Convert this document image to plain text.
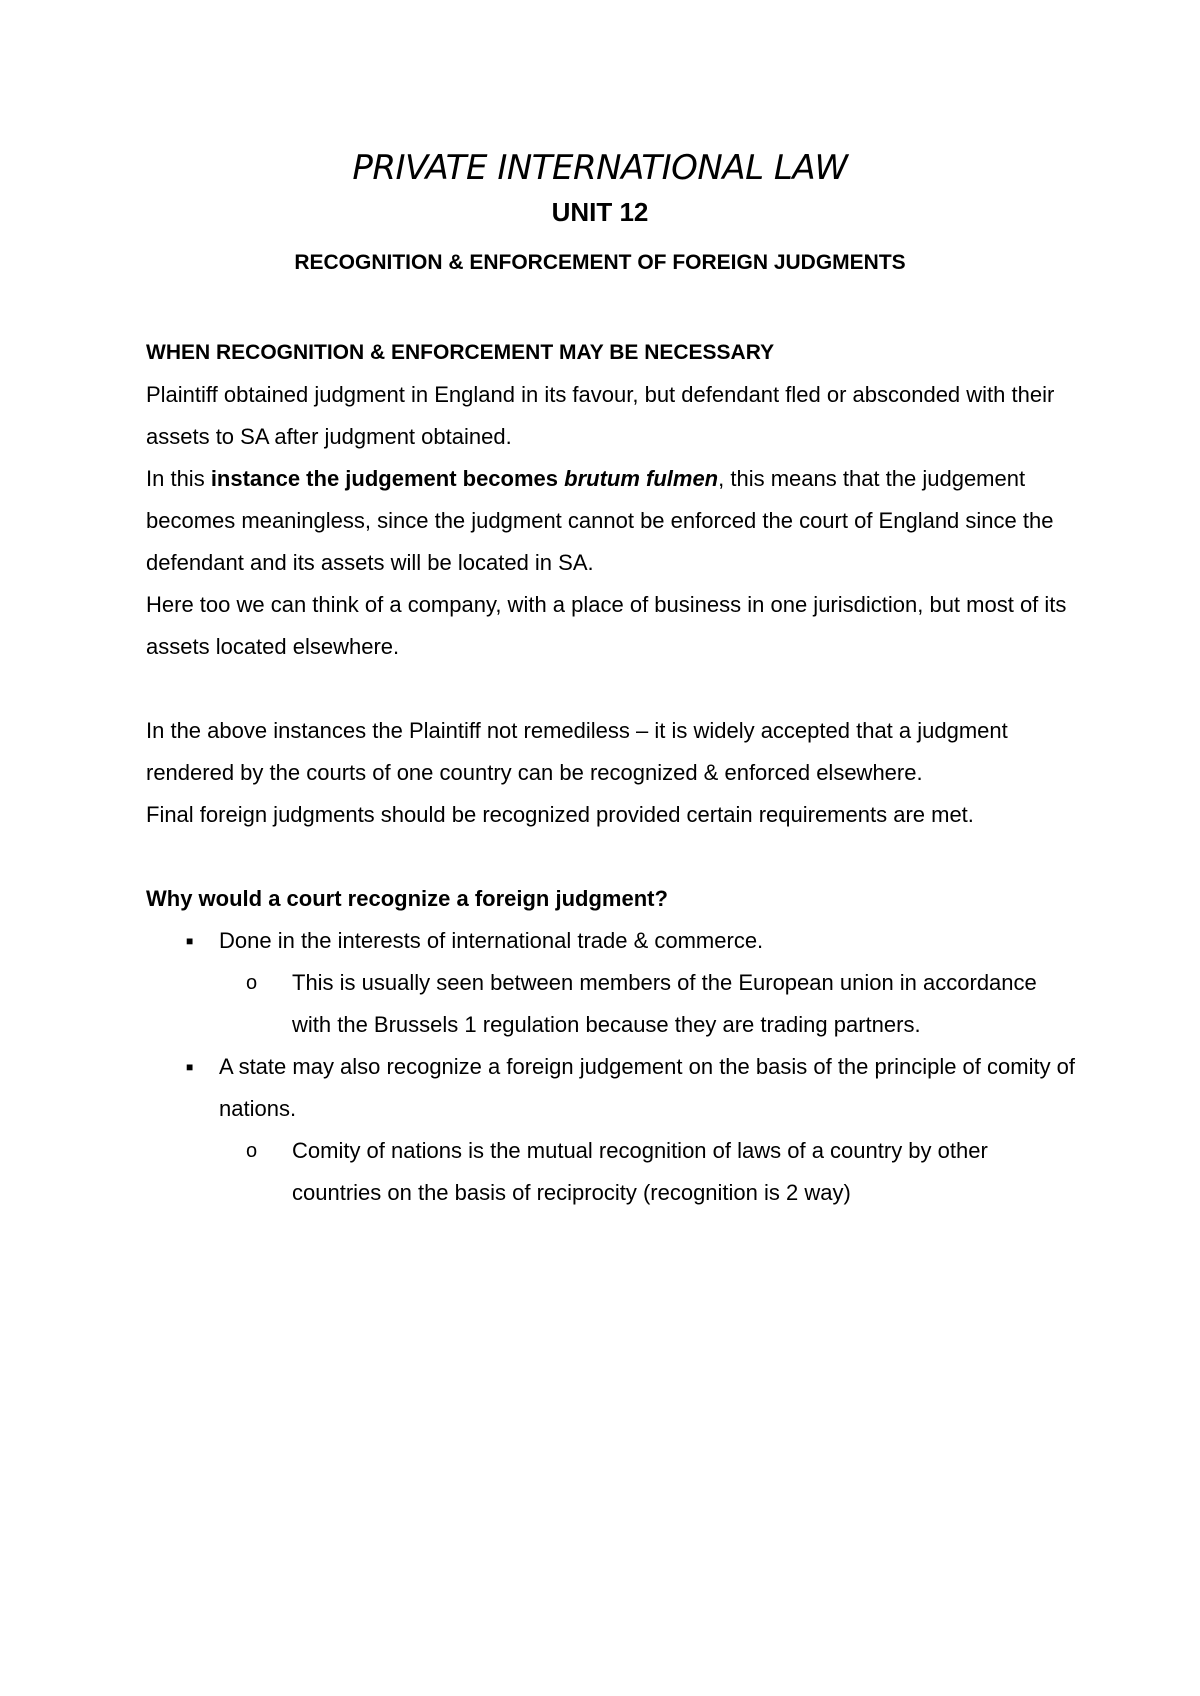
PRIVATE INTERNATIONAL LAW
UNIT 12
RECOGNITION & ENFORCEMENT OF FOREIGN JUDGMENTS

WHEN RECOGNITION & ENFORCEMENT MAY BE NECESSARY

Plaintiff obtained judgment in England in its favour, but defendant fled or absconded with their assets to SA after judgment obtained.

In this instance the judgement becomes brutum fulmen, this means that the judgement becomes meaningless, since the judgment cannot be enforced the court of England since the defendant and its assets will be located in SA.

Here too we can think of a company, with a place of business in one jurisdiction, but most of its assets located elsewhere.

In the above instances the Plaintiff not remediless – it is widely accepted that a judgment rendered by the courts of one country can be recognized & enforced elsewhere.

Final foreign judgments should be recognized provided certain requirements are met.

Why would a court recognize a foreign judgment?

■ Done in the interests of international trade & commerce.
o This is usually seen between members of the European union in accordance with the Brussels 1 regulation because they are trading partners.
■ A state may also recognize a foreign judgement on the basis of the principle of comity of nations.
o Comity of nations is the mutual recognition of laws of a country by other countries on the basis of reciprocity (recognition is 2 way)
